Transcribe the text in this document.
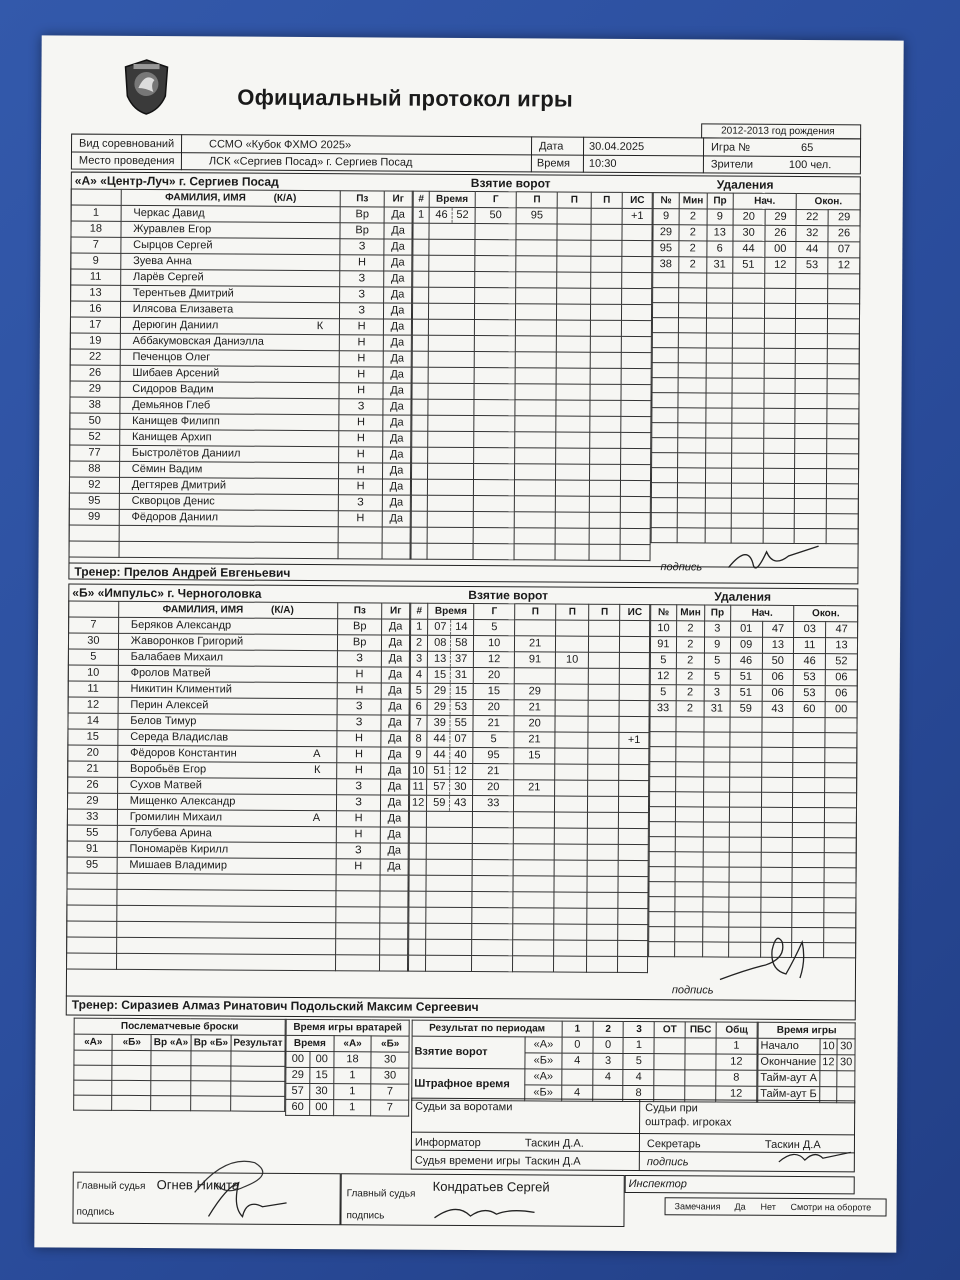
Официальный протокол игры
2012-2013 год рождения
Вид соревнований	ССМО «Кубок ФХМО 2025»
Место проведения	ЛСК «Сергиев Посад» г. Сергиев Посад
Дата 30.04.2025
Время 10:30
Игра №	65
Зрители	100 чел.
«А» «Центр-Луч» г. Сергиев Посад	Взятие ворот	Удаления
	ФАМИЛИЯ, ИМЯ (К/А)	Пз	Иг
1	Черкас Давид	Вр	Да
18	Журавлев Егор	Вр	Да
7	Сырцов Сергей	З	Да
9	Зуева Анна	Н	Да
11	Ларёв Сергей	З	Да
13	Терентьев Дмитрий	З	Да
16	Илясова Елизавета	З	Да
17	Дерюгин Даниил К	Н	Да
19	Аббакумовская Даниэлла	Н	Да
22	Печенцов Олег	Н	Да
26	Шибаев Арсений	Н	Да
29	Сидоров Вадим	Н	Да
38	Демьянов Глеб	З	Да
50	Канищев Филипп	Н	Да
52	Канищев Архип	Н	Да
77	Быстролётов Даниил	Н	Да
88	Сёмин Вадим	Н	Да
92	Дегтярев Дмитрий	Н	Да
95	Скворцов Денис	З	Да
99	Фёдоров Даниил	Н	Да

#	Время	Г	П	П	П	ИС
1	46 52	50	95			+1

№	Мин	Пр	Нач.		Окон.	
9	2	9	20	29	22	29
29	2	13	30	26	32	26
95	2	6	44	00	44	07
38	2	31	51	12	53	12

подпись
Тренер: Прелов Андрей Евгеньевич
«Б» «Импульс» г. Черноголовка	Взятие ворот	Удаления
	ФАМИЛИЯ, ИМЯ (К/А)	Пз	Иг
7	Беряков Александр	Вр	Да
30	Жаворонков Григорий	Вр	Да
5	Балабаев Михаил	З	Да
10	Фролов Матвей	Н	Да
11	Никитин Климентий	Н	Да
12	Перин Алексей	З	Да
14	Белов Тимур	З	Да
15	Середа Владислав	Н	Да
20	Фёдоров Константин А	Н	Да
21	Воробьёв Егор К	Н	Да
26	Сухов Матвей	З	Да
29	Мищенко Александр	З	Да
33	Громилин Михаил А	Н	Да
55	Голубева Арина	Н	Да
91	Пономарёв Кирилл	З	Да
95	Мишаев Владимир	Н	Да

#	Время	Г	П	П	П	ИС
1	07 14	5				
2	08 58	10	21			
3	13 37	12	91	10		
4	15 31	20				
5	29 15	15	29			
6	29 53	20	21			
7	39 55	21	20			
8	44 07	5	21			+1
9	44 40	95	15			
10	51 12	21				
11	57 30	20	21			
12	59 43	33				

№	Мин	Пр	Нач.		Окон.	
10	2	3	01	47	03	47
91	2	9	09	13	11	13
5	2	5	46	50	46	52
12	2	5	51	06	53	06
5	2	3	51	06	53	06
33	2	31	59	43	60	00

подпись
Тренер: Сиразиев Алмаз Ринатович Подольский Максим Сергеевич
Послематчевые броски				
«А»	«Б»	Вр «А»	Вр «Б»	Результат

Время игры вратарей			
Время		«А»	«Б»
00	00	18	30
29	15	1	30
57	30	1	7
60	00	1	7
Результат по периодам		1	2	3	ОТ	ПБС	Общ
Взятие ворот	«А»	0	0	1			1
	«Б»	4	3	5			12
Штрафное время	«А»		4	4			8
	«Б»	4		8			12
Время игры		
Начало	10	30
Окончание	12	30
Тайм-аут А		
Тайм-аут Б		
Судьи за воротами	Судьи при оштраф. игроках
Информатор	Таскин Д.А.	Секретарь	Таскин Д.А
Судья времени игры Таскин Д.А	подпись
Главный судья Огнев Никита
подпись
Главный судья Кондратьев Сергей
подпись
Инспектор
Замечания Да Нет Смотри на обороте
